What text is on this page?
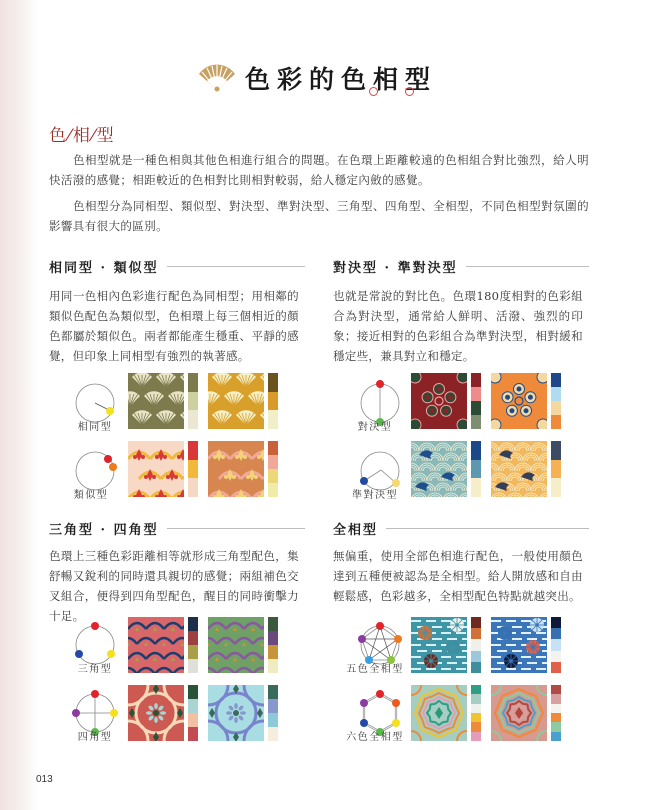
色彩的色相型
色⁄相⁄型

色相型就是一種色相與其他色相進行組合的問題。在色環上距離較遠的色相組合對比強烈，給人明快活潑的感覺；相距較近的色相對比則相對較弱，給人穩定內斂的感覺。

色相型分為同相型、類似型、對決型、準對決型、三角型、四角型、全相型，不同色相型對氛圍的影響具有很大的區別。

相同型 · 類似型	對決型 · 準對決型
三角型 · 四角型	全相型
用同一色相內色彩進行配色為同相型；用相鄰的類似色配色為類似型，色相環上每三個相近的顏色都屬於類似色。兩者都能產生穩重、平靜的感覺，但印象上同相型有強烈的執著感。
也就是常說的對比色。色環180度相對的色彩組合為對決型，通常給人鮮明、活潑、強烈的印象；接近相對的色彩組合為準對決型，相對緩和穩定些，兼具對立和穩定。
色環上三種色彩距離相等就形成三角型配色，集舒暢又銳利的同時還具親切的感覺；兩組補色交叉組合，便得到四角型配色，醒目的同時衝擊力十足。
無偏重，使用全部色相進行配色，一般使用顏色達到五種便被認為是全相型。給人開放感和自由輕鬆感，色彩越多，全相型配色特點就越突出。
相同型
類似型
對決型
準對決型
三角型
四角型
五色全相型
六色全相型
013
